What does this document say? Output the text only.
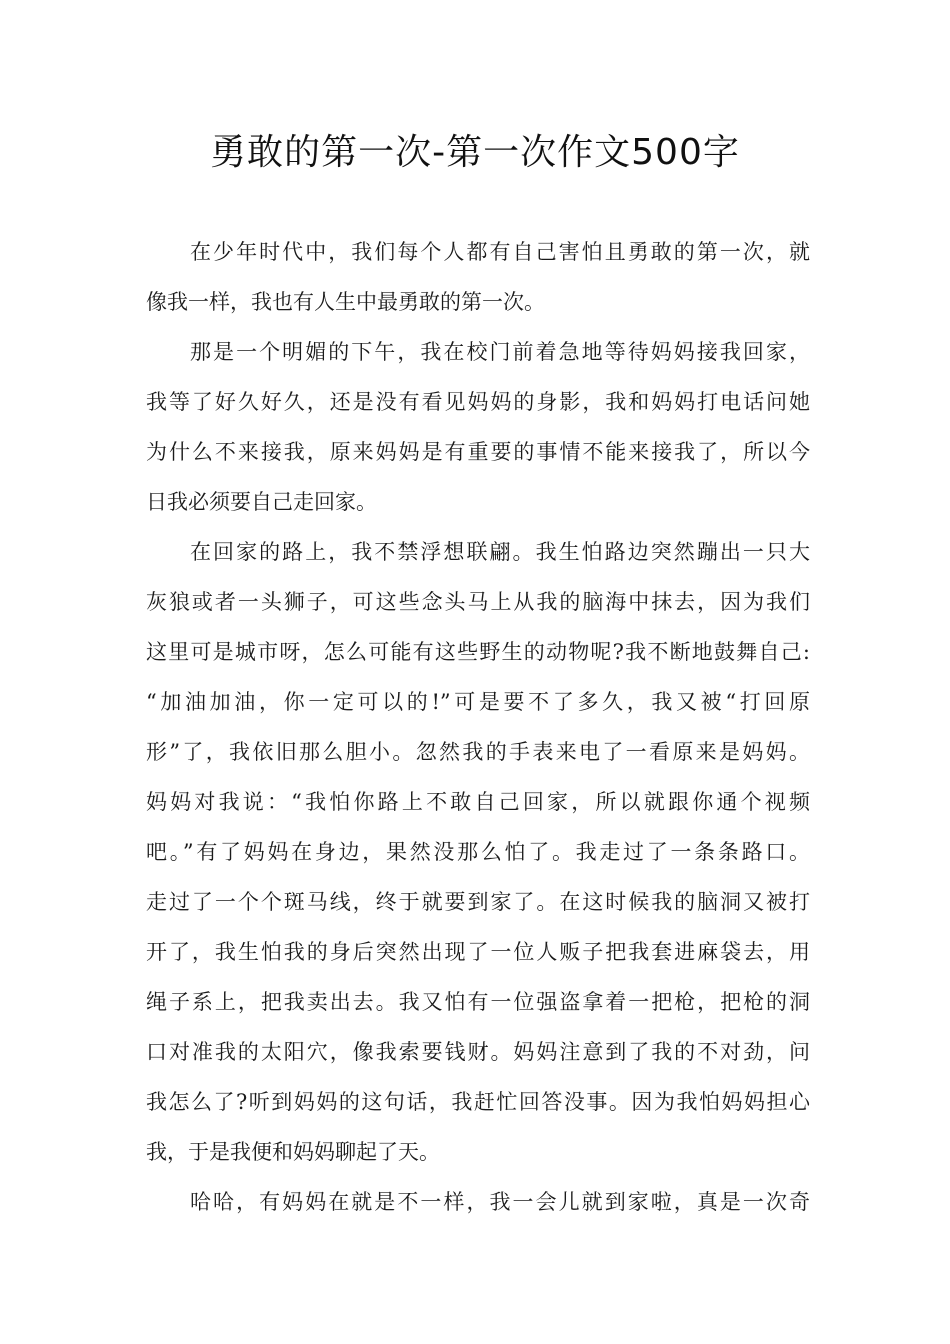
勇敢的第一次-第一次作文500字
在少年时代中，我们每个人都有自己害怕且勇敢的第一次，就
像我一样，我也有人生中最勇敢的第一次。
那是一个明媚的下午，我在校门前着急地等待妈妈接我回家，
我等了好久好久，还是没有看见妈妈的身影，我和妈妈打电话问她
为什么不来接我，原来妈妈是有重要的事情不能来接我了，所以今
日我必须要自己走回家。
在回家的路上，我不禁浮想联翩。我生怕路边突然蹦出一只大
灰狼或者一头狮子，可这些念头马上从我的脑海中抹去，因为我们
这里可是城市呀，怎么可能有这些野生的动物呢?我不断地鼓舞自己:
“加油加油，你一定可以的!”可是要不了多久，我又被“打回原
形”了，我依旧那么胆小。忽然我的手表来电了一看原来是妈妈。
妈妈对我说：“我怕你路上不敢自己回家，所以就跟你通个视频
吧。”有了妈妈在身边，果然没那么怕了。我走过了一条条路口。
走过了一个个斑马线，终于就要到家了。在这时候我的脑洞又被打
开了，我生怕我的身后突然出现了一位人贩子把我套进麻袋去，用
绳子系上，把我卖出去。我又怕有一位强盗拿着一把枪，把枪的洞
口对准我的太阳穴，像我索要钱财。妈妈注意到了我的不对劲，问
我怎么了?听到妈妈的这句话，我赶忙回答没事。因为我怕妈妈担心
我，于是我便和妈妈聊起了天。
哈哈，有妈妈在就是不一样，我一会儿就到家啦，真是一次奇
